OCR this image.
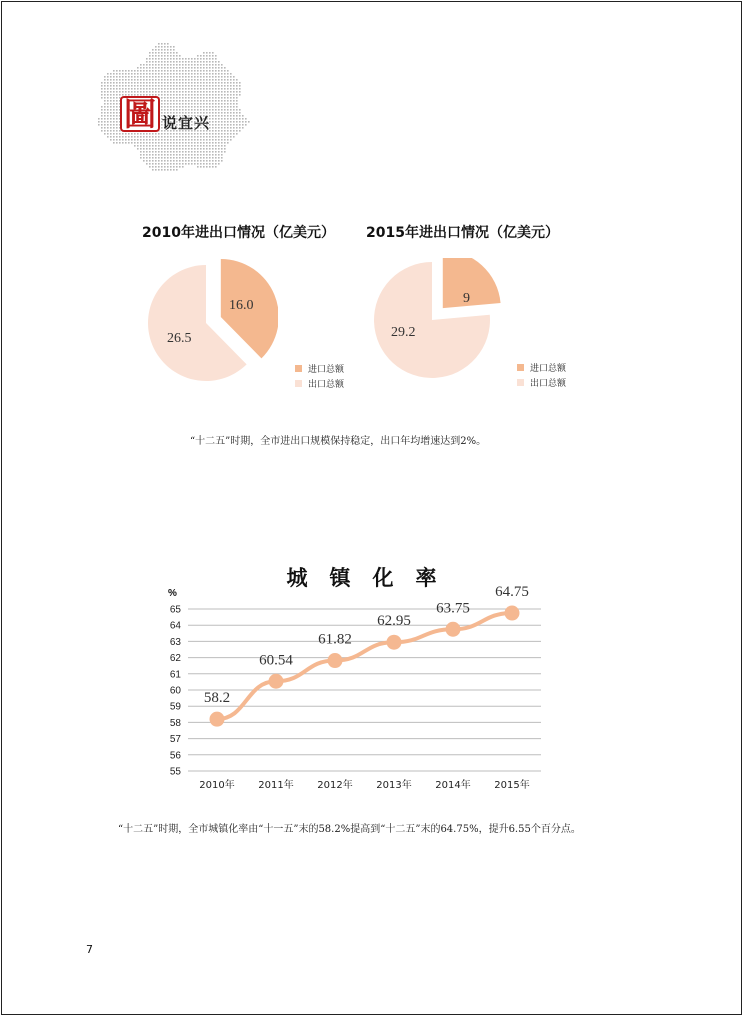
圖 说宜兴
2010年进出口情况（亿美元）
16.0
26.5
进口总额
出口总额
2015年进出口情况（亿美元）
9
29.2
进口总额
出口总额
“十二五”时期，全市进出口规模保持稳定，出口年均增速达到2%。
城镇化率
%
55
56
57
58
59
60
61
62
63
64
65
2010年 2011年 2012年 2013年 2014年 2015年
58.2
60.54
61.82
62.95
63.75
64.75
“十二五”时期，全市城镇化率由“十一五”末的58.2%提高到“十二五”末的64.75%，提升6.55个百分点。
7
